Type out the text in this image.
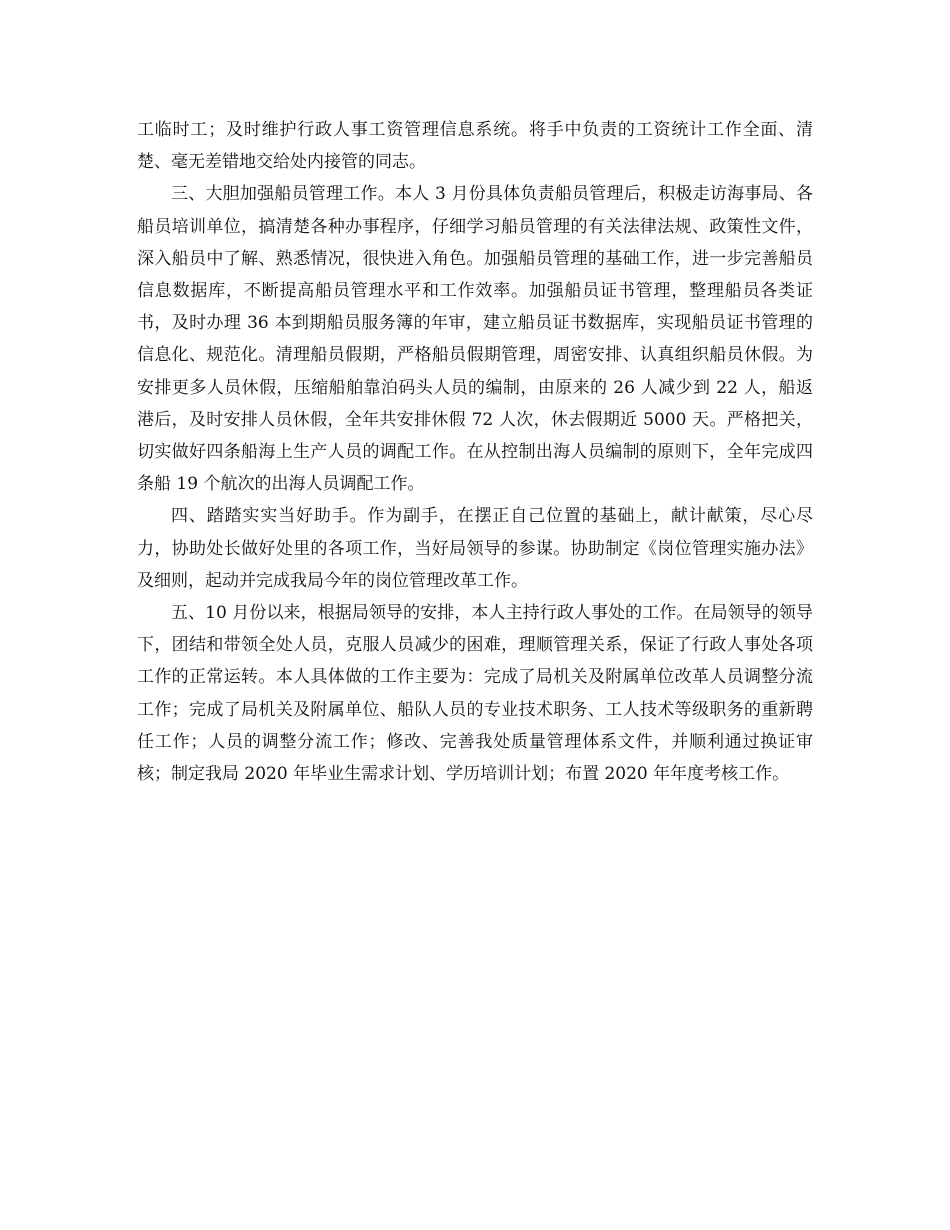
工临时工；及时维护行政人事工资管理信息系统。将手中负责的工资统计工作全面、清楚、毫无差错地交给处内接管的同志。

三、大胆加强船员管理工作。本人 3 月份具体负责船员管理后，积极走访海事局、各船员培训单位，搞清楚各种办事程序，仔细学习船员管理的有关法律法规、政策性文件，深入船员中了解、熟悉情况，很快进入角色。加强船员管理的基础工作，进一步完善船员信息数据库，不断提高船员管理水平和工作效率。加强船员证书管理，整理船员各类证书，及时办理 36 本到期船员服务簿的年审，建立船员证书数据库，实现船员证书管理的信息化、规范化。清理船员假期，严格船员假期管理，周密安排、认真组织船员休假。为安排更多人员休假，压缩船舶靠泊码头人员的编制，由原来的 26 人减少到 22 人，船返港后，及时安排人员休假，全年共安排休假 72 人次，休去假期近 5000 天。严格把关，切实做好四条船海上生产人员的调配工作。在从控制出海人员编制的原则下，全年完成四条船 19 个航次的出海人员调配工作。

四、踏踏实实当好助手。作为副手，在摆正自己位置的基础上，献计献策，尽心尽力，协助处长做好处里的各项工作，当好局领导的参谋。协助制定《岗位管理实施办法》及细则，起动并完成我局今年的岗位管理改革工作。

五、10 月份以来，根据局领导的安排，本人主持行政人事处的工作。在局领导的领导下，团结和带领全处人员，克服人员减少的困难，理顺管理关系，保证了行政人事处各项工作的正常运转。本人具体做的工作主要为：完成了局机关及附属单位改革人员调整分流工作；完成了局机关及附属单位、船队人员的专业技术职务、工人技术等级职务的重新聘任工作；人员的调整分流工作；修改、完善我处质量管理体系文件，并顺利通过换证审核；制定我局 2020 年毕业生需求计划、学历培训计划；布置 2020 年年度考核工作。
